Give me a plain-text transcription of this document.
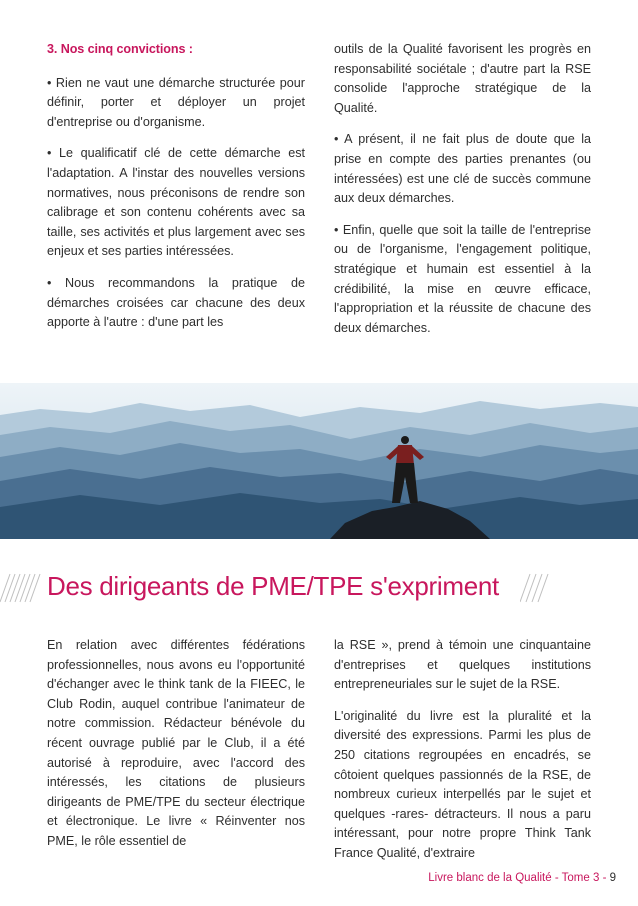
3. Nos cinq convictions :

• Rien ne vaut une démarche structurée pour définir, porter et déployer un projet d'entreprise ou d'organisme.

• Le qualificatif clé de cette démarche est l'adaptation. A l'instar des nouvelles versions normatives, nous préconisons de rendre son calibrage et son contenu cohérents avec sa taille, ses activités et plus largement avec ses enjeux et ses parties intéressées.

• Nous recommandons la pratique de démarches croisées car chacune des deux apporte à l'autre : d'une part les

outils de la Qualité favorisent les progrès en responsabilité sociétale ; d'autre part la RSE consolide l'approche stratégique de la Qualité.

• A présent, il ne fait plus de doute que la prise en compte des parties prenantes (ou intéressées) est une clé de succès commune aux deux démarches.

• Enfin, quelle que soit la taille de l'entreprise ou de l'organisme, l'engagement politique, stratégique et humain est essentiel à la crédibilité, la mise en œuvre efficace, l'appropriation et la réussite de chacune des deux démarches.

Des dirigeants de PME/TPE s'expriment

En relation avec différentes fédérations professionnelles, nous avons eu l'opportunité d'échanger avec le think tank de la FIEEC, le Club Rodin, auquel contribue l'animateur de notre commission. Rédacteur bénévole du récent ouvrage publié par le Club, il a été autorisé à reproduire, avec l'accord des intéressés, les citations de plusieurs dirigeants de PME/TPE du secteur électrique et électronique. Le livre « Réinventer nos PME, le rôle essentiel de

la RSE », prend à témoin une cinquantaine d'entreprises et quelques institutions entrepreneuriales sur le sujet de la RSE.

L'originalité du livre est la pluralité et la diversité des expressions. Parmi les plus de 250 citations regroupées en encadrés, se côtoient quelques passionnés de la RSE, de nombreux curieux interpellés par le sujet et quelques -rares- détracteurs. Il nous a paru intéressant, pour notre propre Think Tank France Qualité, d'extraire

Livre blanc de la Qualité - Tome 3 - 9
